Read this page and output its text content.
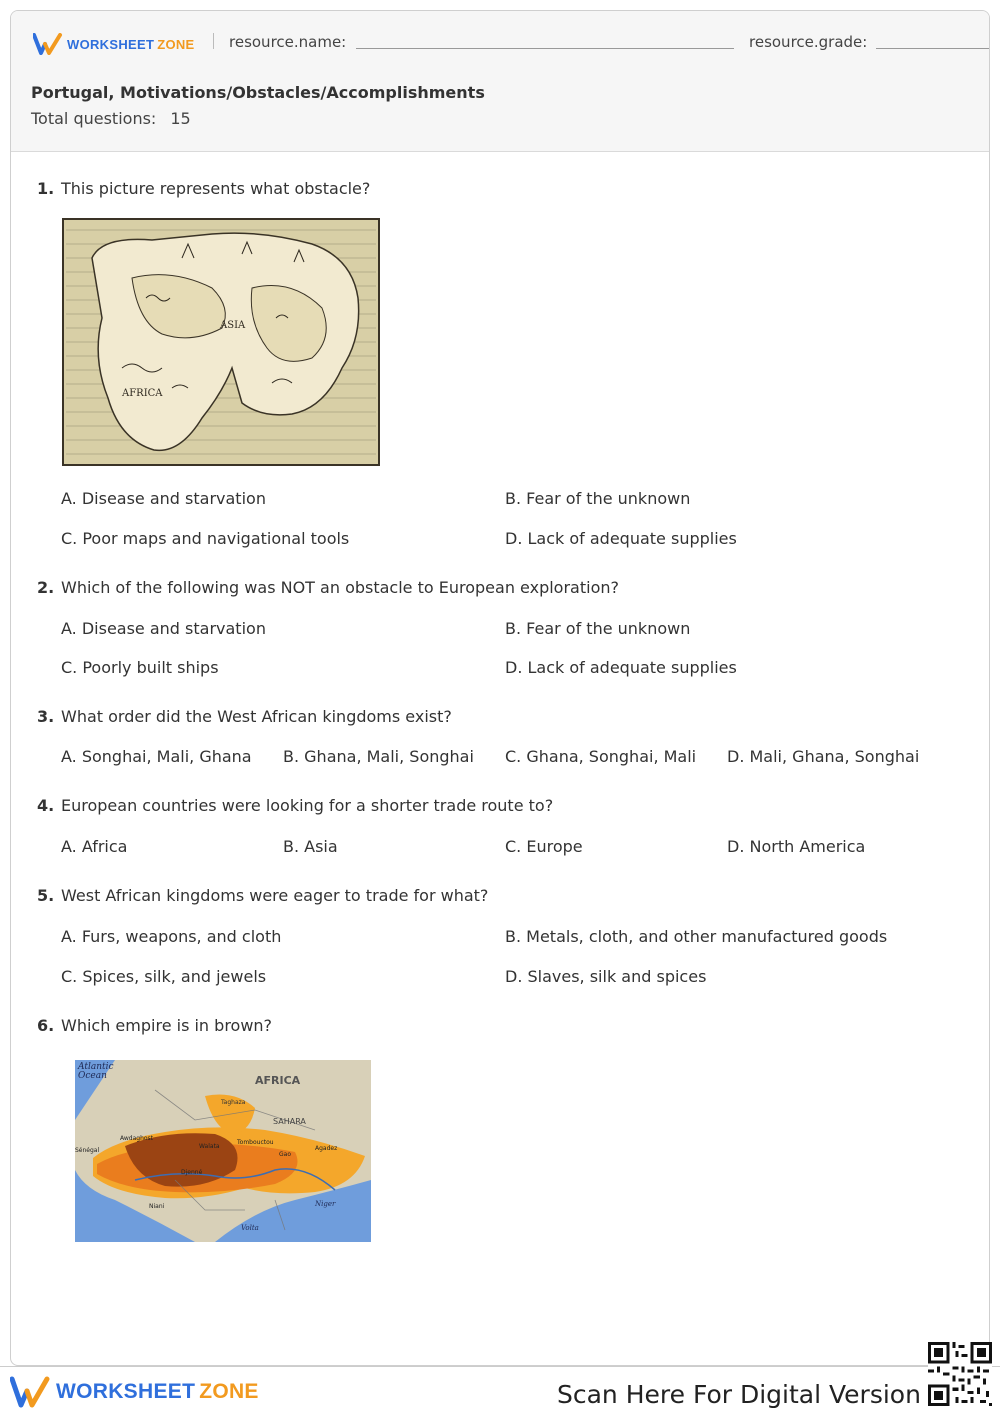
WORKSHEET ZONE resource.name:	resource.grade:
Portugal, Motivations/Obstacles/Accomplishments
Total questions: 15
1. This picture represents what obstacle?
ASIA
AFRICA
A. Disease and starvation	B. Fear of the unknown
C. Poor maps and navigational tools	D. Lack of adequate supplies
2. Which of the following was NOT an obstacle to European exploration?
A. Disease and starvation	B. Fear of the unknown
C. Poorly built ships	D. Lack of adequate supplies
3. What order did the West African kingdoms exist?
A. Songhai, Mali, Ghana B. Ghana, Mali, Songhai C. Ghana, Songhai, Mali D. Mali, Ghana, Songhai
4. European countries were looking for a shorter trade route to?
A. Africa	B. Asia	C. Europe	D. North America
5. West African kingdoms were eager to trade for what?
A. Furs, weapons, and cloth	B. Metals, cloth, and other manufactured goods
C. Spices, silk, and jewels	D. Slaves, silk and spices
6. Which empire is in brown?
Atlantic
Ocean	AFRICA
Taghaza
SAHARA
Awdaghost
Walata
Tombouctou
Gao
Agadez
Djenné
Sénégal
Niani	Niger
Volta
WORKSHEET ZONE	Scan Here For Digital Version
